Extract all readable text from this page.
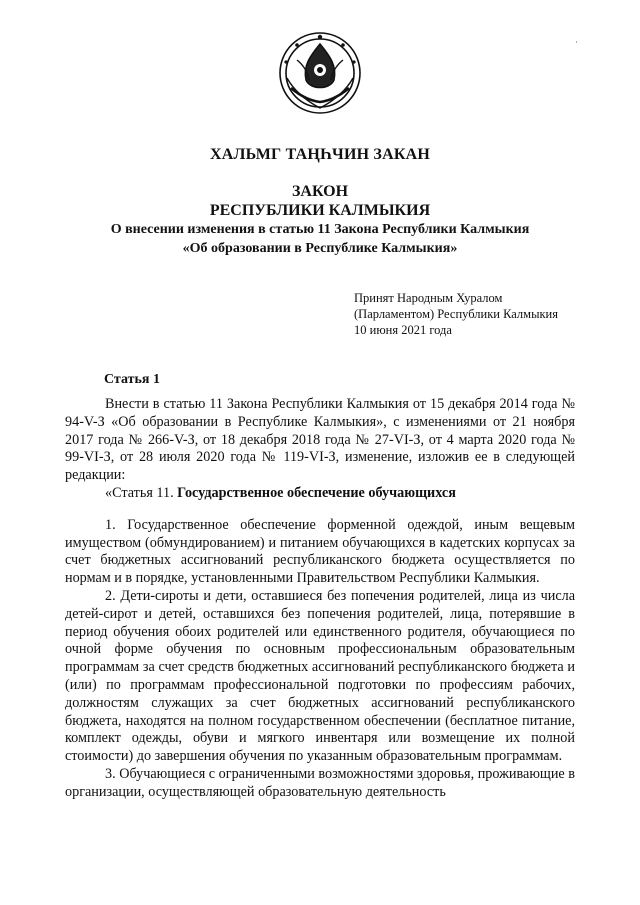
ʿ
ХАЛЬМГ ТАҢҺЧИН ЗАКАН
ЗАКОН
РЕСПУБЛИКИ КАЛМЫКИЯ
О внесении изменения в статью 11 Закона Республики Калмыкия
«Об образовании в Республике Калмыкия»
Принят Народным Хуралом
(Парламентом) Республики Калмыкия
10 июня 2021 года
Статья 1

Внести в статью 11 Закона Республики Калмыкия от 15 декабря 2014 года № 94-V-З «Об образовании в Республике Калмыкия», с изменениями от 21 ноября 2017 года № 266-V-З, от 18 декабря 2018 года № 27-VI-З, от 4 марта 2020 года № 99-VI-З, от 28 июля 2020 года № 119-VI-З, изменение, изложив ее в следующей редакции:

«Статья 11. Государственное обеспечение обучающихся

1. Государственное обеспечение форменной одеждой, иным вещевым имуществом (обмундированием) и питанием обучающихся в кадетских корпусах за счет бюджетных ассигнований республиканского бюджета осуществляется по нормам и в порядке, установленными Правительством Республики Калмыкия.

2. Дети-сироты и дети, оставшиеся без попечения родителей, лица из числа детей-сирот и детей, оставшихся без попечения родителей, лица, потерявшие в период обучения обоих родителей или единственного родителя, обучающиеся по очной форме обучения по основным профессиональным образовательным программам за счет средств бюджетных ассигнований республиканского бюджета и (или) по программам профессиональной подготовки по профессиям рабочих, должностям служащих за счет бюджетных ассигнований республиканского бюджета, находятся на полном государственном обеспечении (бесплатное питание, комплект одежды, обуви и мягкого инвентаря или возмещение их полной стоимости) до завершения обучения по указанным образовательным программам.

3. Обучающиеся с ограниченными возможностями здоровья, проживающие в организации, осуществляющей образовательную деятельность
